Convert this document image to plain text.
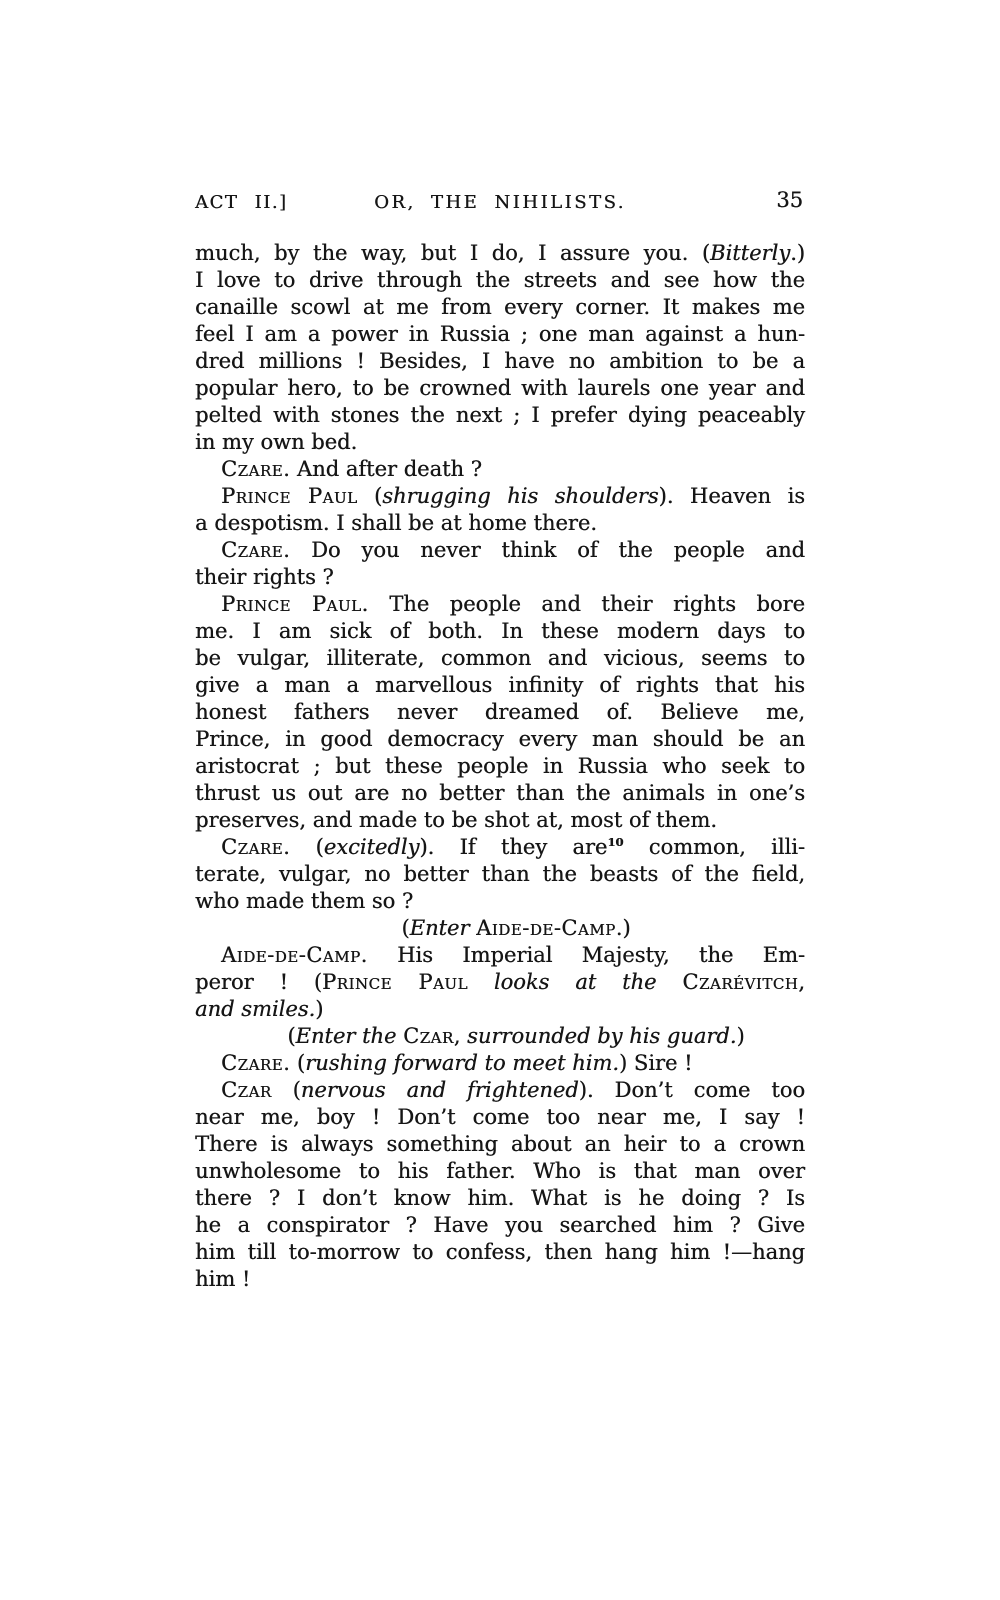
ACT II.]	OR, THE NIHILISTS.	35
much, by the way, but I do, I assure you. (Bitterly.)
I love to drive through the streets and see how the
canaille scowl at me from every corner. It makes me
feel I am a power in Russia ; one man against a hun-
dred millions ! Besides, I have no ambition to be a
popular hero, to be crowned with laurels one year and
pelted with stones the next ; I prefer dying peaceably
in my own bed.
Czare. And after death ?
Prince Paul (shrugging his shoulders). Heaven is
a despotism. I shall be at home there.
Czare. Do you never think of the people and
their rights ?
Prince Paul. The people and their rights bore
me. I am sick of both. In these modern days to
be vulgar, illiterate, common and vicious, seems to
give a man a marvellous infinity of rights that his
honest fathers never dreamed of. Believe me,
Prince, in good democracy every man should be an
aristocrat ; but these people in Russia who seek to
thrust us out are no better than the animals in one’s
preserves, and made to be shot at, most of them.
Czare. (excitedly). If they are$^{10}$ common, illi-
terate, vulgar, no better than the beasts of the field,
who made them so ?
(Enter Aide-de-Camp.)
Aide-de-Camp. His Imperial Majesty, the Em-
peror ! (Prince Paul looks at the Czarévitch,
and smiles.)
(Enter the Czar, surrounded by his guard.)
Czare. (rushing forward to meet him.) Sire !
Czar (nervous and frightened). Don’t come too
near me, boy ! Don’t come too near me, I say !
There is always something about an heir to a crown
unwholesome to his father. Who is that man over
there ? I don’t know him. What is he doing ? Is
he a conspirator ? Have you searched him ? Give
him till to-morrow to confess, then hang him !—hang
him !
